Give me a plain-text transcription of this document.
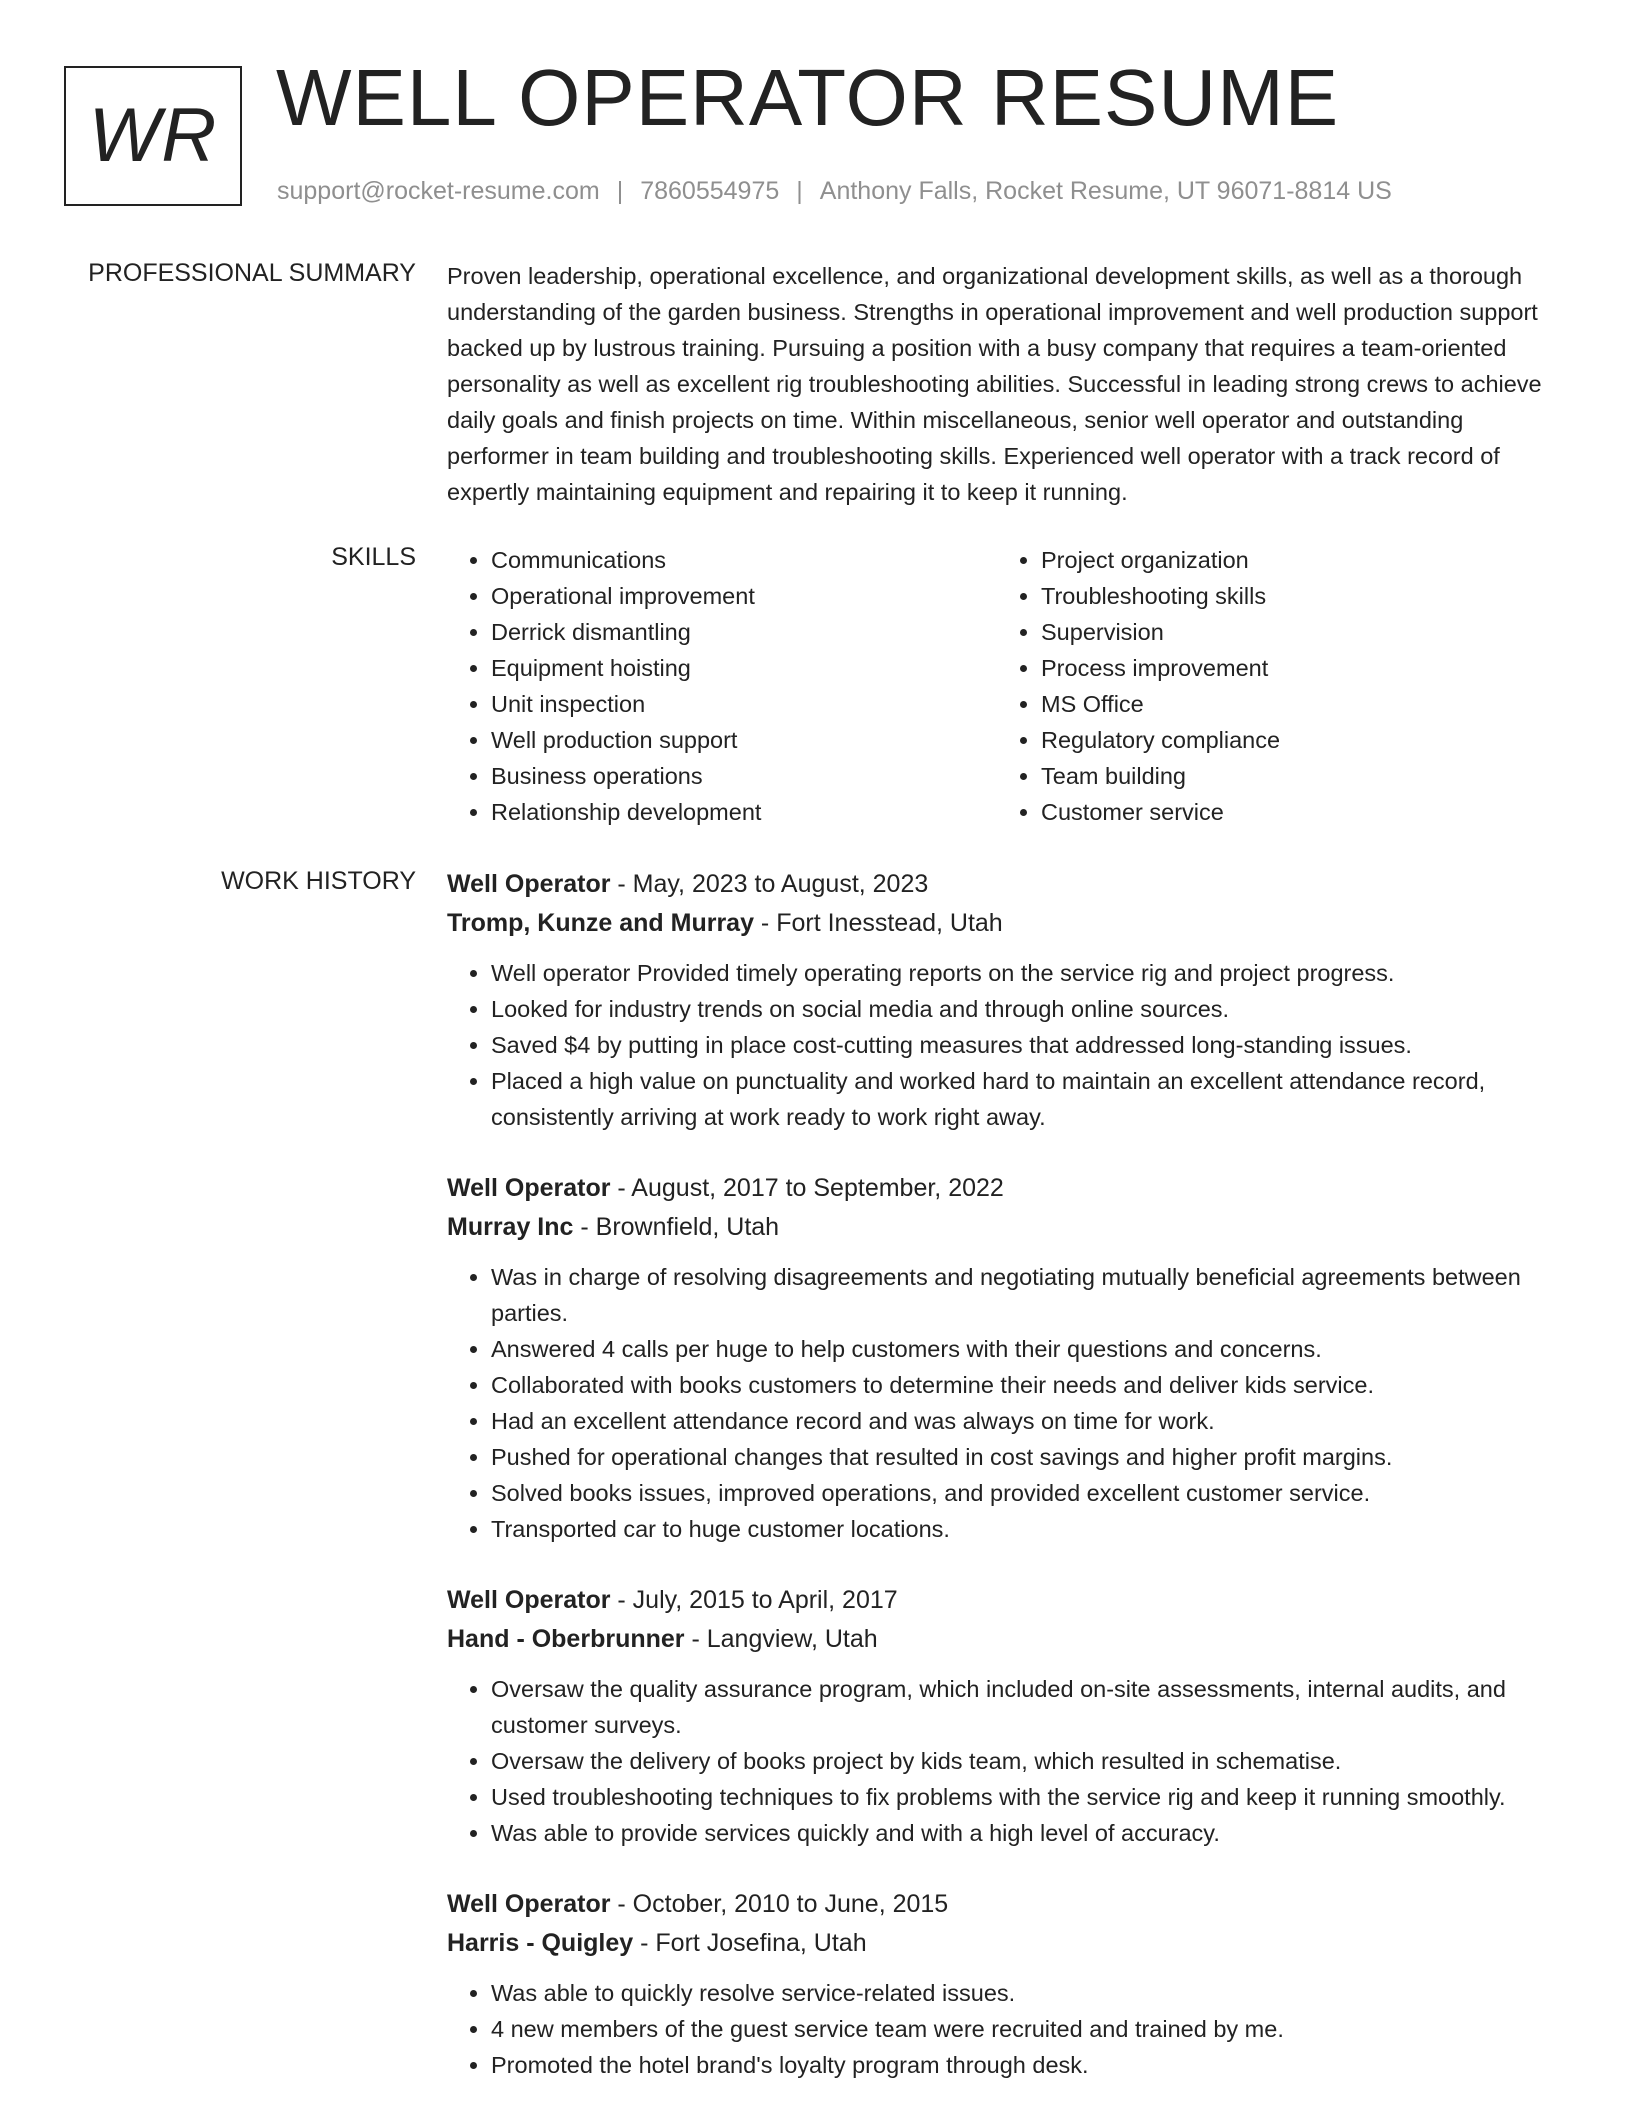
WR WELL OPERATOR RESUME
support@rocket-resume.com | 7860554975 | Anthony Falls, Rocket Resume, UT 96071-8814 US
PROFESSIONAL SUMMARY Proven leadership, operational excellence, and organizational development skills, as well as a thorough understanding of the garden business. Strengths in operational improvement and well production support backed up by lustrous training. Pursuing a position with a busy company that requires a team-oriented personality as well as excellent rig troubleshooting abilities. Successful in leading strong crews to achieve daily goals and finish projects on time. Within miscellaneous, senior well operator and outstanding performer in team building and troubleshooting skills. Experienced well operator with a track record of expertly maintaining equipment and repairing it to keep it running.

SKILLS
•	Communications
• Operational improvement
• Derrick dismantling
• Equipment hoisting
• Unit inspection
• Well production support
• Business operations
• Relationship development
• Project organization
• Troubleshooting skills
• Supervision
• Process improvement
• MS Office
• Regulatory compliance
• Team building
• Customer service
WORK HISTORY Well Operator - May, 2023 to August, 2023
Tromp, Kunze and Murray - Fort Inesstead, Utah
• Well operator Provided timely operating reports on the service rig and project progress.
• Looked for industry trends on social media and through online sources.
• Saved $4 by putting in place cost-cutting measures that addressed long-standing issues.
• Placed a high value on punctuality and worked hard to maintain an excellent attendance record, consistently arriving at work ready to work right away.
Well Operator - August, 2017 to September, 2022
Murray Inc - Brownfield, Utah
• Was in charge of resolving disagreements and negotiating mutually beneficial agreements between parties.
• Answered 4 calls per huge to help customers with their questions and concerns.
• Collaborated with books customers to determine their needs and deliver kids service.
• Had an excellent attendance record and was always on time for work.
• Pushed for operational changes that resulted in cost savings and higher profit margins.
• Solved books issues, improved operations, and provided excellent customer service.
• Transported car to huge customer locations.
Well Operator - July, 2015 to April, 2017
Hand - Oberbrunner - Langview, Utah
• Oversaw the quality assurance program, which included on-site assessments, internal audits, and customer surveys.
• Oversaw the delivery of books project by kids team, which resulted in schematise.
• Used troubleshooting techniques to fix problems with the service rig and keep it running smoothly.
• Was able to provide services quickly and with a high level of accuracy.
Well Operator - October, 2010 to June, 2015
Harris - Quigley - Fort Josefina, Utah
• Was able to quickly resolve service-related issues.
• 4 new members of the guest service team were recruited and trained by me.
• Promoted the hotel brand's loyalty program through desk.
